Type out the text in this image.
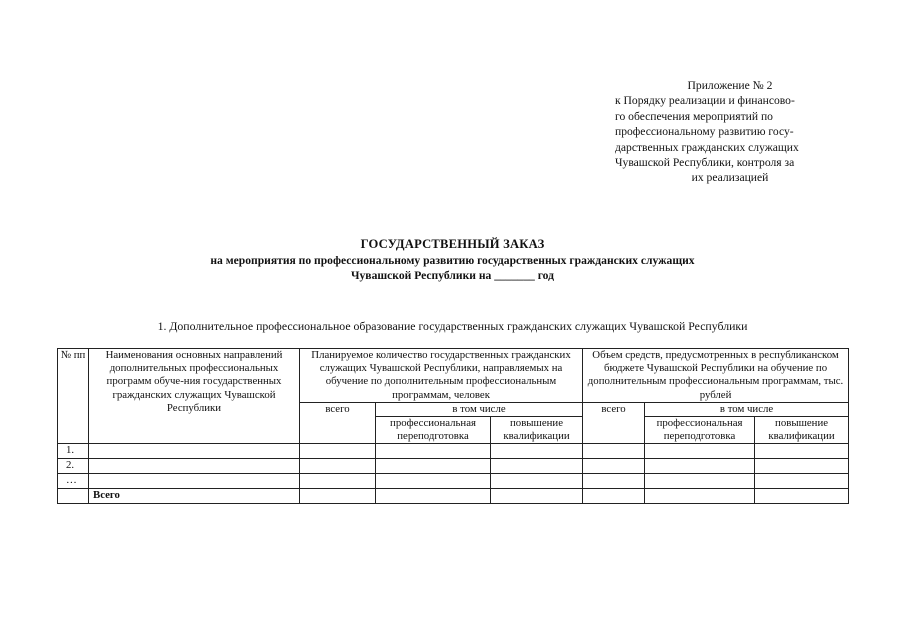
Приложение № 2
к Порядку реализации и финансово-
го обеспечения мероприятий по
профессиональному развитию госу-
дарственных гражданских служащих
Чувашской Республики, контроля за
их реализацией
ГОСУДАРСТВЕННЫЙ ЗАКАЗ
на мероприятия по профессиональному развитию государственных гражданских служащих
Чувашской Республики на _______ год
1. Дополнительное профессиональное образование государственных гражданских служащих Чувашской Республики
№ пп	Наименования основных направлений дополнительных профессиональных программ обуче-ния государственных гражданских служащих Чувашской Республики	Планируемое количество государственных гражданских служащих Чувашской Республики, направляемых на обучение по дополнительным профессиональным программам, человек			Объем средств, предусмотренных в республиканском бюджете Чувашской Республики на обучение по дополнительным профессиональным программам, тыс. рублей		
		всего	в том числе		всего	в том числе	
			профессиональная переподготовка	повышение квалификации		профессиональная переподготовка	повышение квалификации
1.							
2.							
…							
	Всего						
